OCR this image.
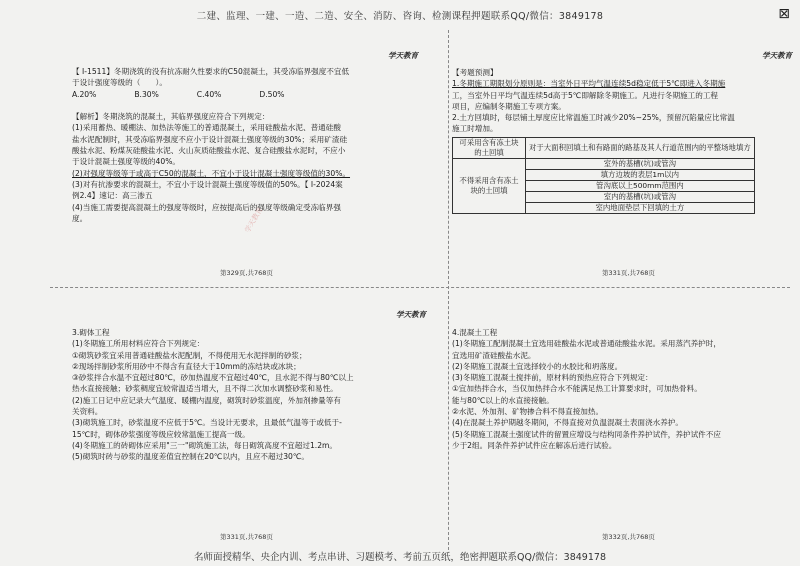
二建、监理、一建、一造、二造、安全、消防、咨询、检测课程押题联系QQ/微信：3849178	⊠
学天教育
【 Ⅰ-1511】冬期浇筑的没有抗冻耐久性要求的C50混凝土，其受冻临界强度不宜低
于设计强度等级的（　　）。
A.20%　　　　　B.30%　　　　　C.40%　　　　　D.50%

【解析】冬期浇筑的混凝土，其临界强度应符合下列规定：
(1)采用蓄热、暖棚法、加热法等施工的普通混凝土，采用硅酸盐水泥、普通硅酸
盐水泥配制时，其受冻临界强度不应小于设计混凝土强度等级的30%；采用矿渣硅
酸盐水泥、粉煤灰硅酸盐水泥、火山灰质硅酸盐水泥、复合硅酸盐水泥时，不应小
于设计混凝土强度等级的40%。
(2)对强度等级等于或高于C50的混凝土，不宜小于设计混凝土强度等级值的30%。
(3)对有抗渗要求的混凝土，不宜小于设计混凝土强度等级值的50%。【 Ⅰ-2024案
例2.4】速记：高三渗五
(4)当施工需要提高混凝土的强度等级时，应按提高后的强度等级确定受冻临界强
度。
第329页,共768页
学天教育
【考题预测】
1.冬期施工期限划分原则是：当室外日平均气温连续5d稳定低于5℃即进入冬期施
工，当室外日平均气温连续5d高于5℃即解除冬期施工。凡进行冬期施工的工程
项目，应编制冬期施工专项方案。
2.土方回填时，每层铺土厚度应比常温施工时减少20%~25%，预留沉陷量应比常温
施工时增加。
可采用含有冻土块的土回填	对于大面积回填土和有路面的路基及其人行道范围内的平整场地填方
不得采用含有冻土块的土回填	室外的基槽(坑)或管沟
	填方边坡的表层1m以内
	管沟底以上500mm范围内
	室内的基槽(坑)或管沟
	室内地面垫层下回填的土方
第331页,共768页
学天教育
3.砌体工程
(1)冬期施工所用材料应符合下列规定：
①砌筑砂浆宜采用普通硅酸盐水泥配制，不得使用无水泥拌制的砂浆；
②现场拌制砂浆所用砂中不得含有直径大于10mm的冻结块或冰块；
③砂浆拌合水温不宜超过80℃，砂加热温度不宜超过40℃，且水泥不得与80℃以上
热水直接接触；砂浆稠度宜较常温适当增大，且不得二次加水调整砂浆和易性。
(2)施工日记中应记录大气温度、暖棚内温度，砌筑时砂浆温度，外加剂掺量等有
关资料。
(3)砌筑施工时，砂浆温度不应低于5℃。当设计无要求，且最低气温等于或低于-
15℃时，砌体砂浆强度等级应较常温施工提高一级。
(4)冬期施工的砖砌体应采用"三一"砌筑施工法，每日砌筑高度不宜超过1.2m。
(5)砌筑时砖与砂浆的温度差值宜控制在20℃以内，且应不超过30℃。
第331页,共768页
4.混凝土工程
(1)冬期施工配制混凝土宜选用硅酸盐水泥或普通硅酸盐水泥。采用蒸汽养护时，
宜选用矿渣硅酸盐水泥。
(2)冬期施工混凝土宜选择较小的水胶比和坍落度。
(3)冬期施工混凝土搅拌前，原材料的预热应符合下列规定：
①宜加热拌合水，当仅加热拌合水不能满足热工计算要求时，可加热骨料。
能与80℃以上的水直接接触。
②水泥、外加剂、矿物掺合料不得直接加热。
(4)在混凝土养护期越冬期间，不得直接对负温混凝土表面浇水养护。
(5)冬期施工混凝土强度试件的留置应增设与结构同条件养护试件，养护试件不应
少于2组。同条件养护试件应在解冻后进行试验。
第332页,共768页
学天教育
名师面授精华、央企内训、考点串讲、习题模考、考前五页纸，绝密押题联系QQ/微信：3849178
